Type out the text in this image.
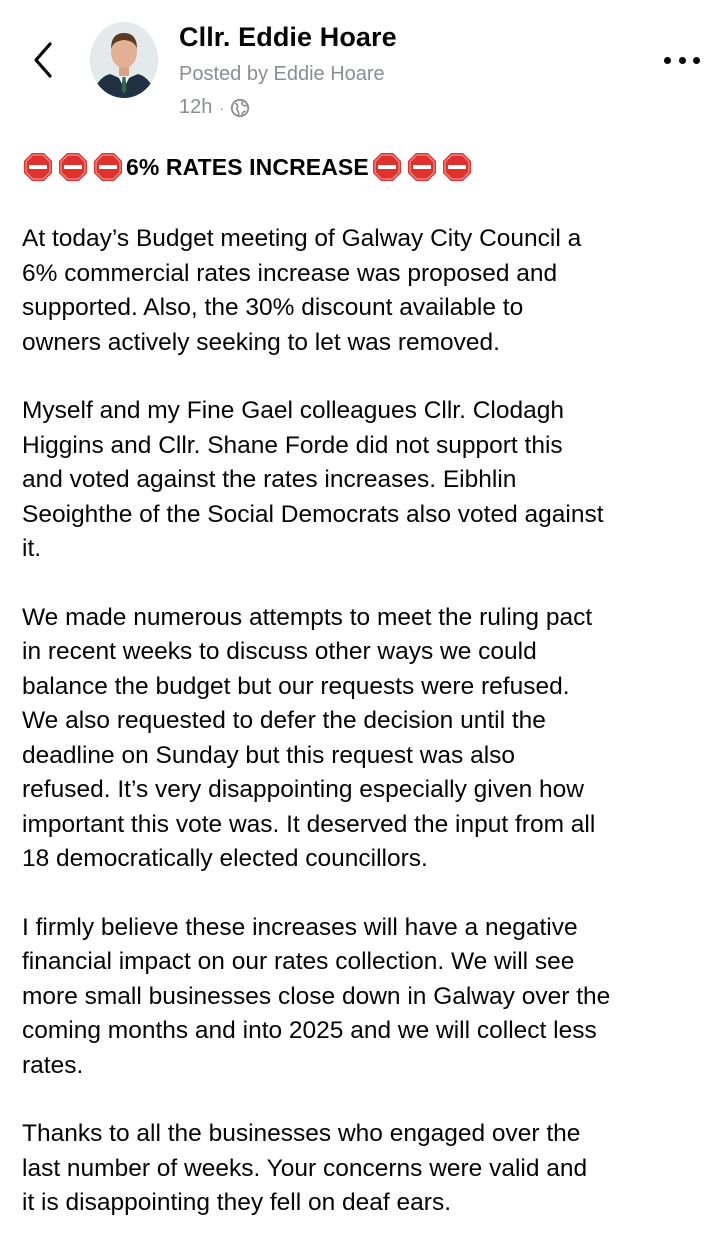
Cllr. Eddie Hoare
Posted by Eddie Hoare
12h ·
6% RATES INCREASE

At today’s Budget meeting of Galway City Council a
6% commercial rates increase was proposed and
supported. Also, the 30% discount available to
owners actively seeking to let was removed.

Myself and my Fine Gael colleagues Cllr. Clodagh
Higgins and Cllr. Shane Forde did not support this
and voted against the rates increases. Eibhlin
Seoighthe of the Social Democrats also voted against
it.

We made numerous attempts to meet the ruling pact
in recent weeks to discuss other ways we could
balance the budget but our requests were refused.
We also requested to defer the decision until the
deadline on Sunday but this request was also
refused. It’s very disappointing especially given how
important this vote was. It deserved the input from all
18 democratically elected councillors.

I firmly believe these increases will have a negative
financial impact on our rates collection. We will see
more small businesses close down in Galway over the
coming months and into 2025 and we will collect less
rates.

Thanks to all the businesses who engaged over the
last number of weeks. Your concerns were valid and
it is disappointing they fell on deaf ears.
